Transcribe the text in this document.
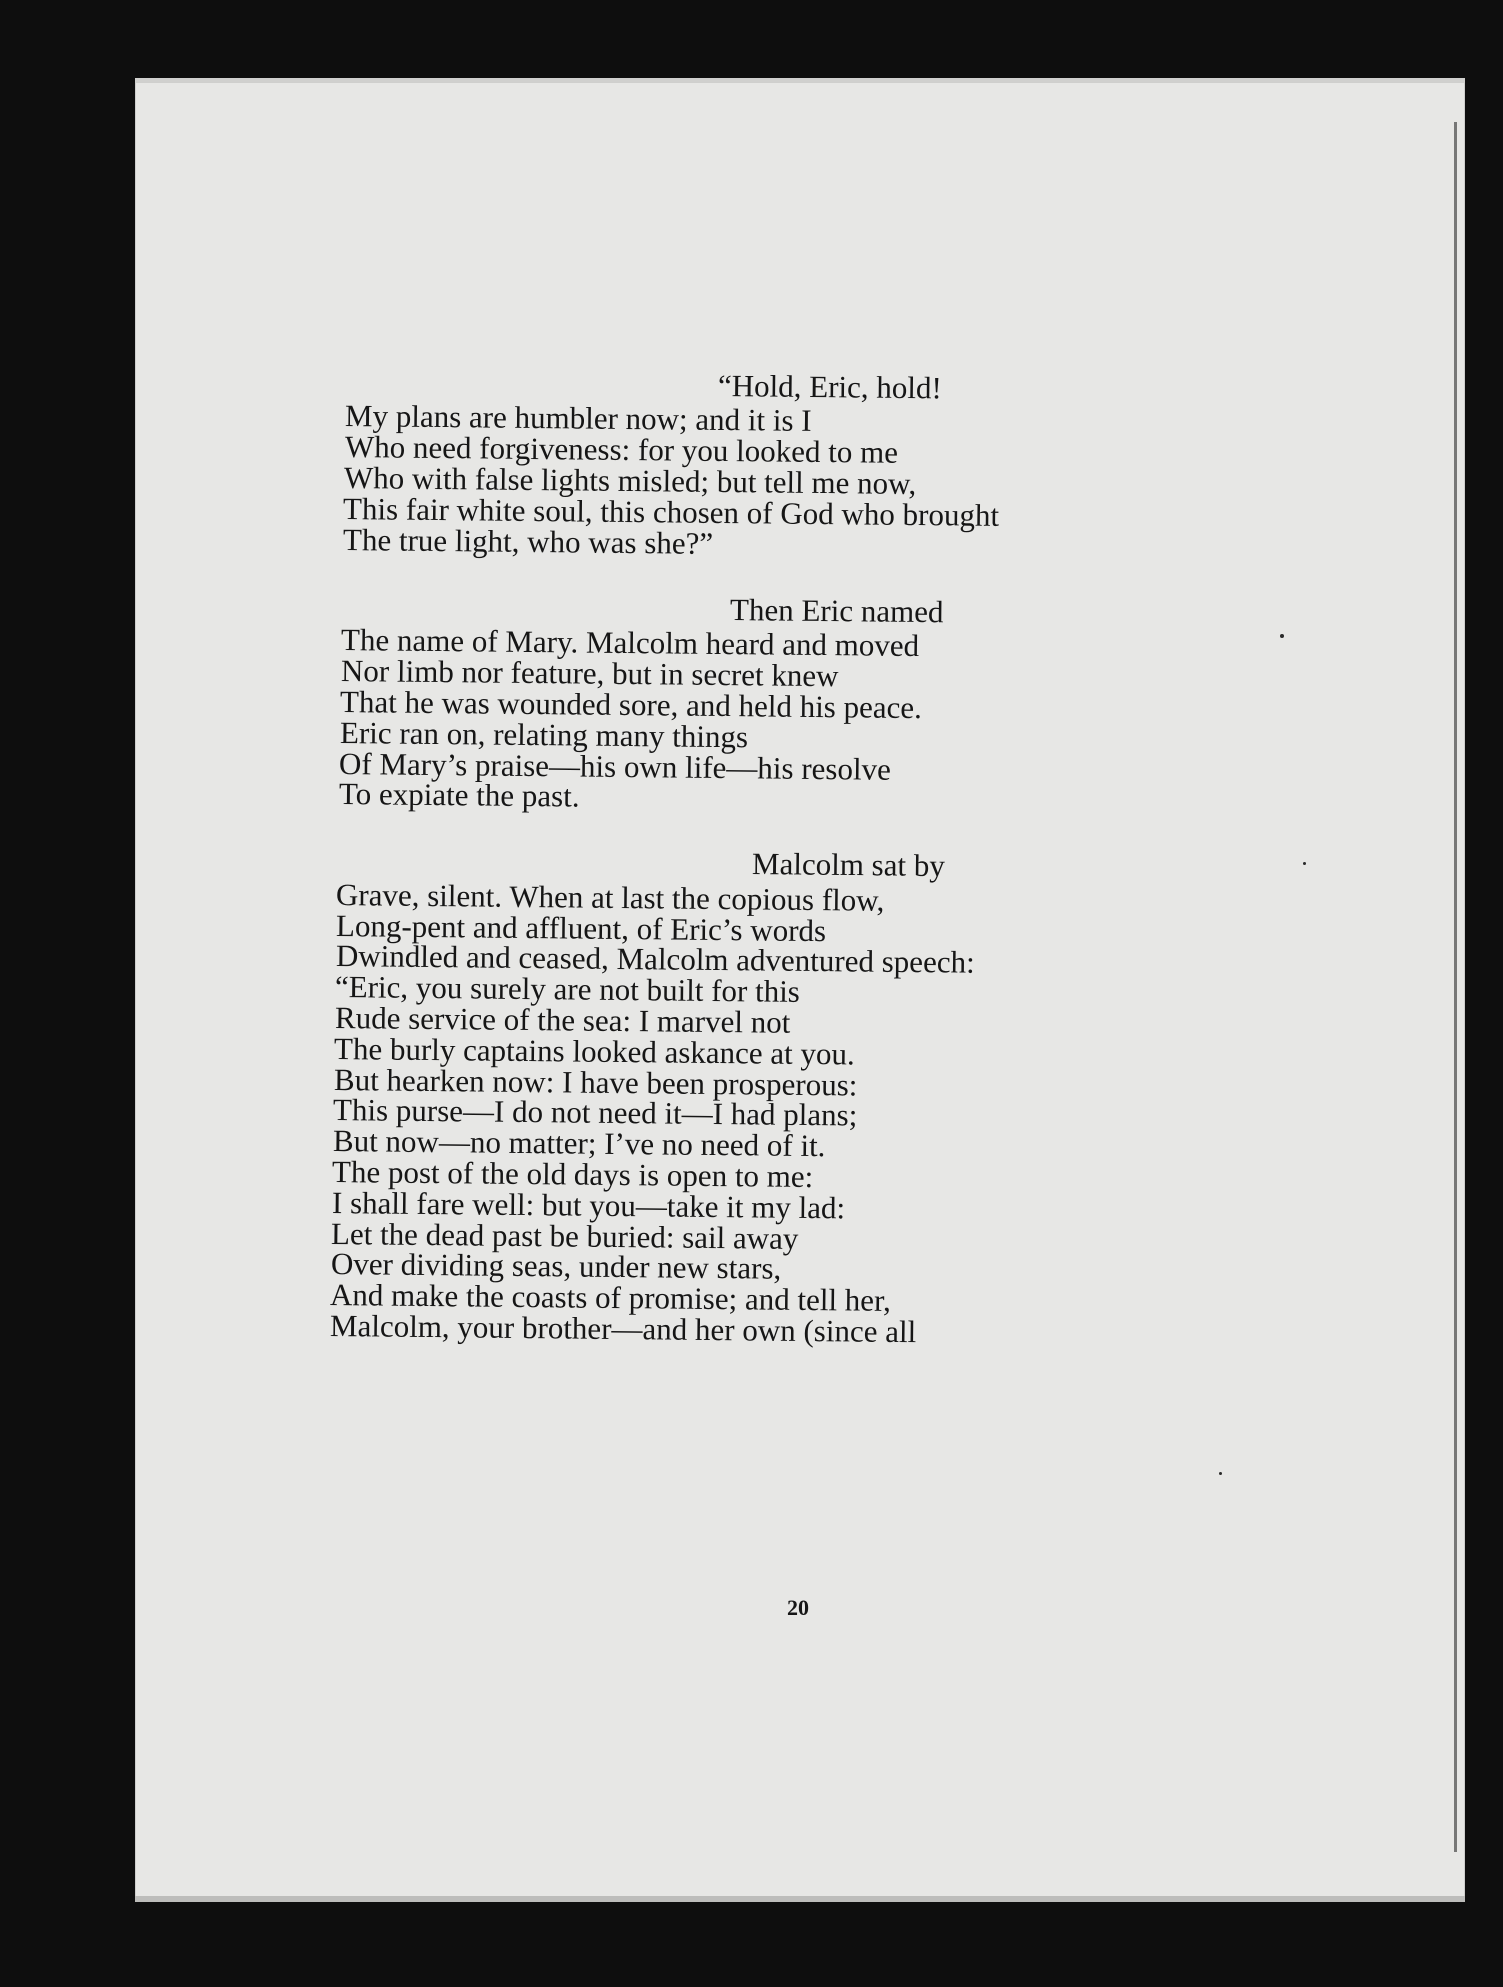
“Hold, Eric, hold!
My plans are humbler now; and it is I
Who need forgiveness: for you looked to me
Who with false lights misled; but tell me now,
This fair white soul, this chosen of God who brought
The true light, who was she?”
Then Eric named
The name of Mary. Malcolm heard and moved
Nor limb nor feature, but in secret knew
That he was wounded sore, and held his peace.
Eric ran on, relating many things
Of Mary’s praise—his own life—his resolve
To expiate the past.
Malcolm sat by
Grave, silent. When at last the copious flow,
Long-pent and affluent, of Eric’s words
Dwindled and ceased, Malcolm adventured speech:
“Eric, you surely are not built for this
Rude service of the sea: I marvel not
The burly captains looked askance at you.
But hearken now: I have been prosperous:
This purse—I do not need it—I had plans;
But now—no matter; I’ve no need of it.
The post of the old days is open to me:
I shall fare well: but you—take it my lad:
Let the dead past be buried: sail away
Over dividing seas, under new stars,
And make the coasts of promise; and tell her,
Malcolm, your brother—and her own (since all
20
